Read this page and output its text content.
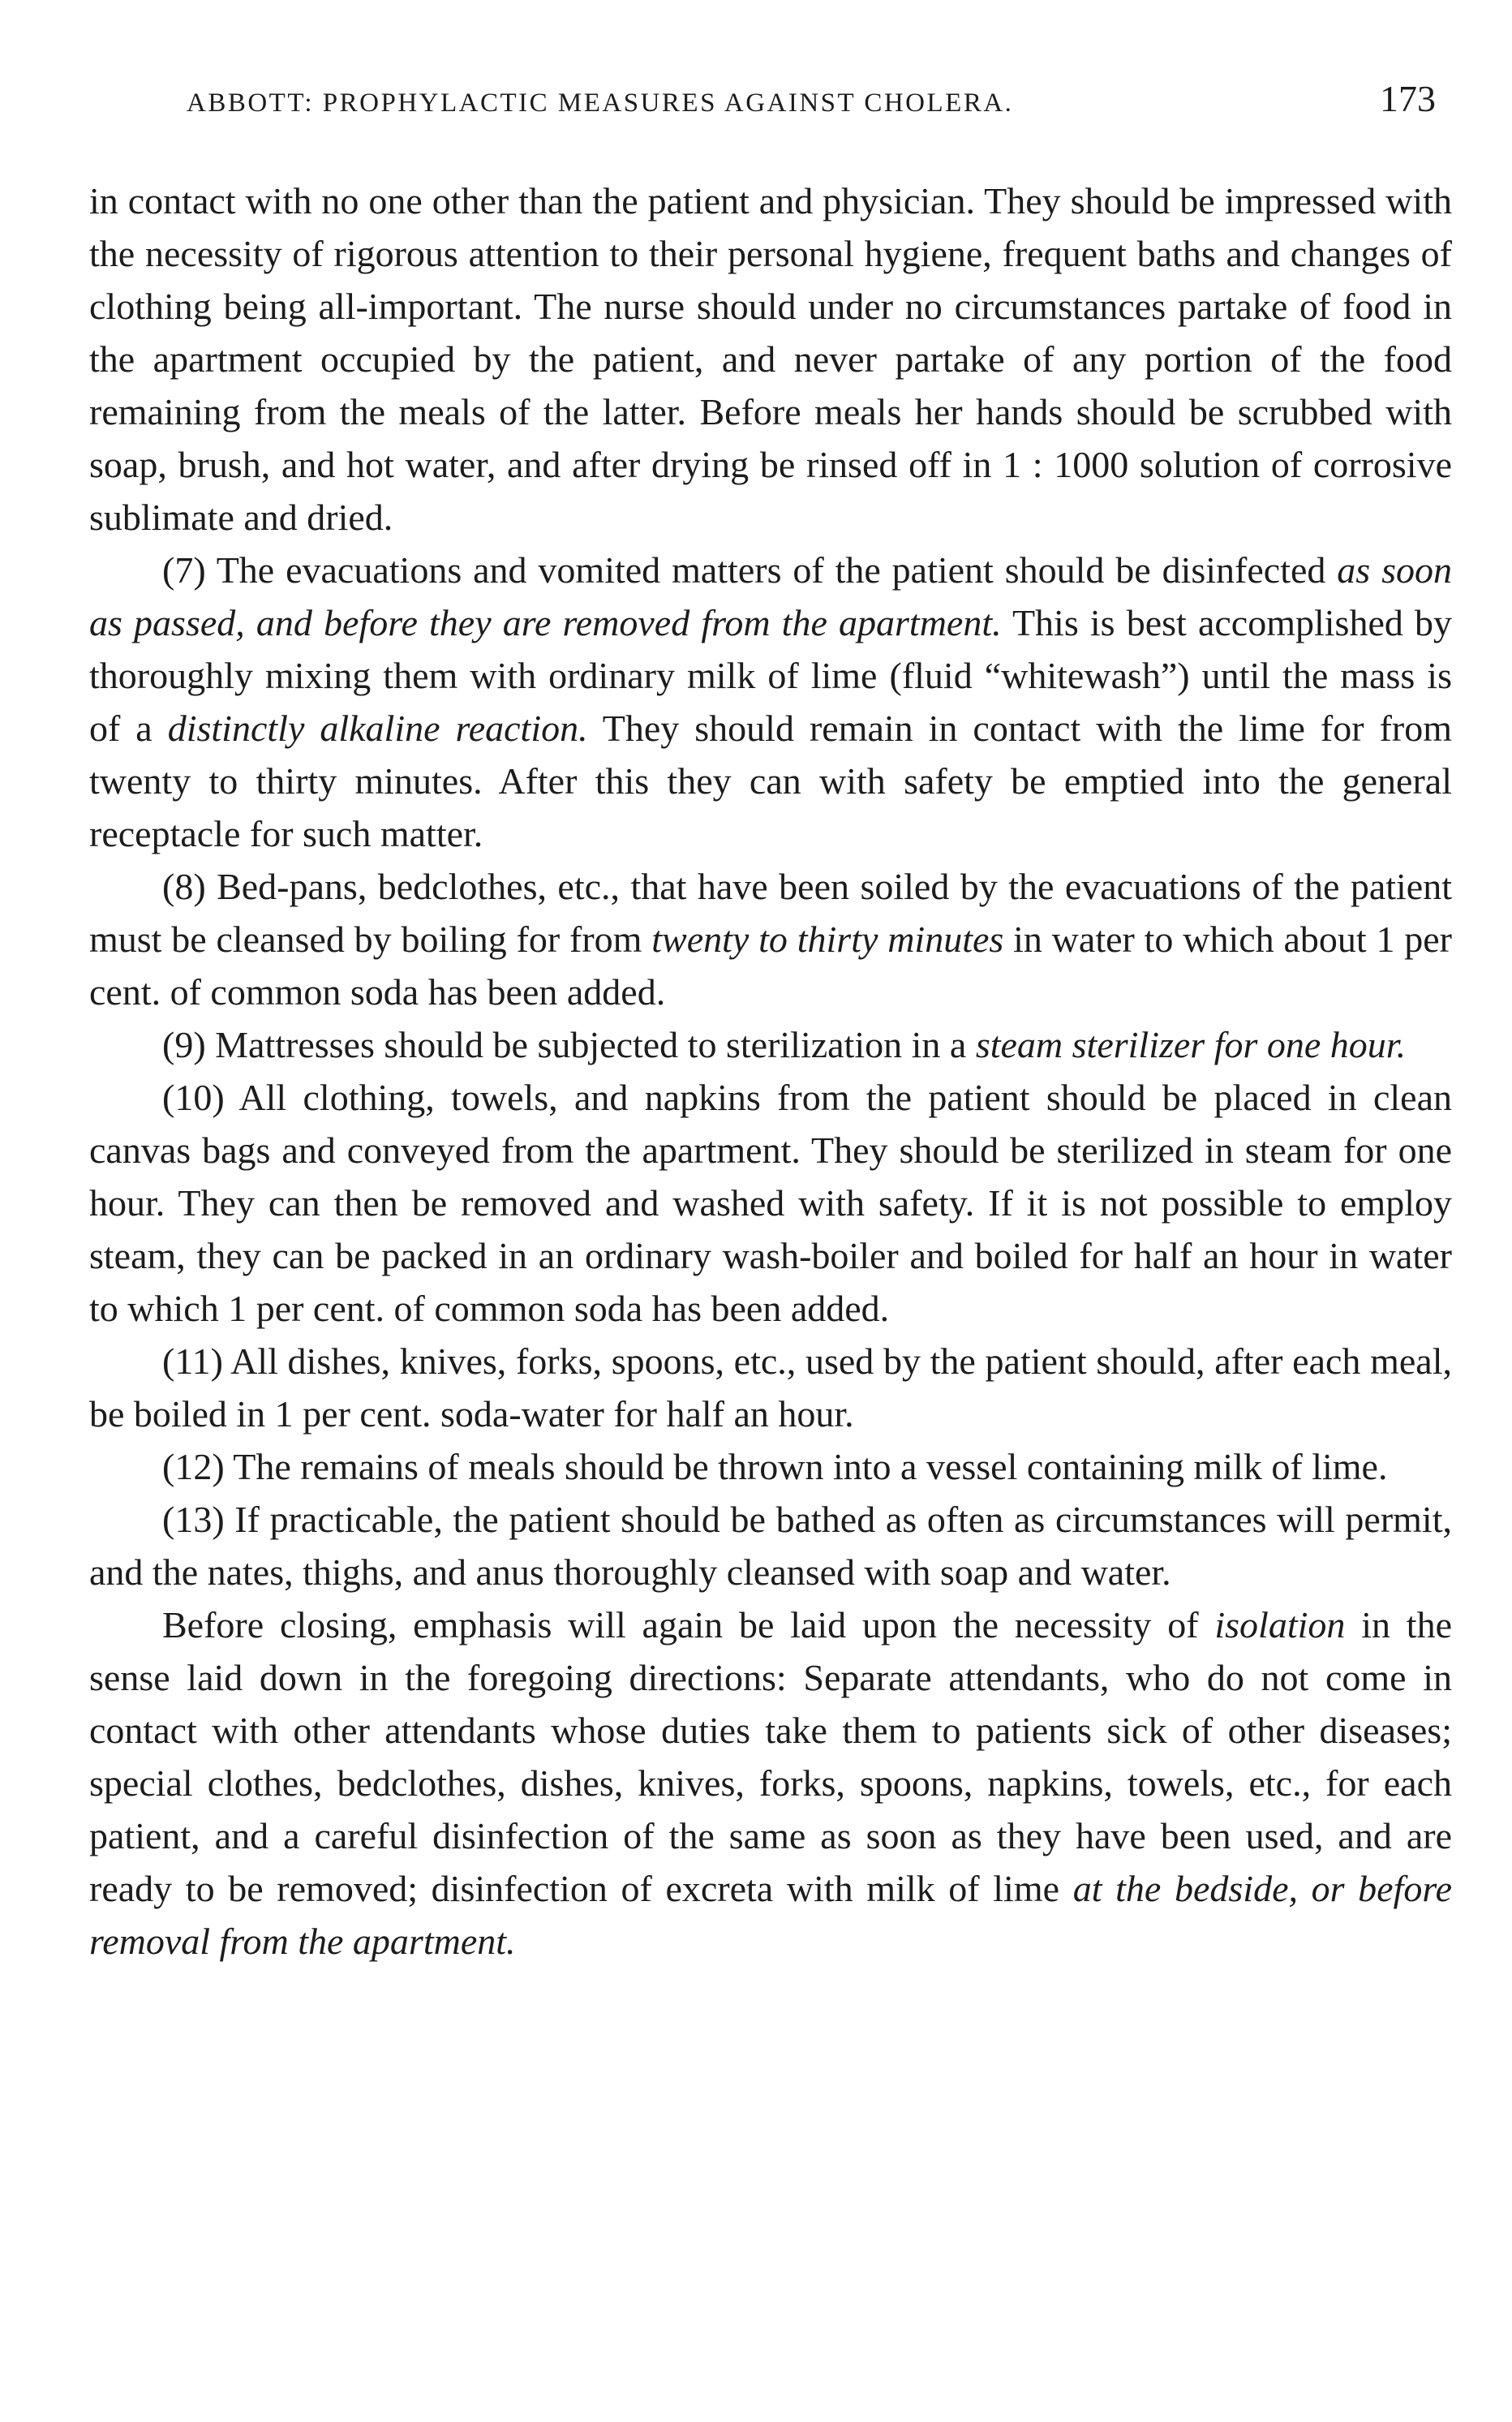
ABBOTT: PROPHYLACTIC MEASURES AGAINST CHOLERA.	173

in contact with no one other than the patient and physician. They should be impressed with the necessity of rigorous attention to their personal hygiene, frequent baths and changes of clothing being all-important. The nurse should under no circumstances partake of food in the apartment occupied by the patient, and never partake of any portion of the food remaining from the meals of the latter. Before meals her hands should be scrubbed with soap, brush, and hot water, and after drying be rinsed off in 1 : 1000 solution of corrosive sublimate and dried.

(7) The evacuations and vomited matters of the patient should be disinfected as soon as passed, and before they are removed from the apartment. This is best accomplished by thoroughly mixing them with ordinary milk of lime (fluid “whitewash”) until the mass is of a distinctly alkaline reaction. They should remain in contact with the lime for from twenty to thirty minutes. After this they can with safety be emptied into the general receptacle for such matter.

(8) Bed-pans, bedclothes, etc., that have been soiled by the evacuations of the patient must be cleansed by boiling for from twenty to thirty minutes in water to which about 1 per cent. of common soda has been added.

(9) Mattresses should be subjected to sterilization in a steam sterilizer for one hour.

(10) All clothing, towels, and napkins from the patient should be placed in clean canvas bags and conveyed from the apartment. They should be sterilized in steam for one hour. They can then be removed and washed with safety. If it is not possible to employ steam, they can be packed in an ordinary wash-boiler and boiled for half an hour in water to which 1 per cent. of common soda has been added.

(11) All dishes, knives, forks, spoons, etc., used by the patient should, after each meal, be boiled in 1 per cent. soda-water for half an hour.

(12) The remains of meals should be thrown into a vessel containing milk of lime.

(13) If practicable, the patient should be bathed as often as circumstances will permit, and the nates, thighs, and anus thoroughly cleansed with soap and water.

Before closing, emphasis will again be laid upon the necessity of isolation in the sense laid down in the foregoing directions: Separate attendants, who do not come in contact with other attendants whose duties take them to patients sick of other diseases; special clothes, bedclothes, dishes, knives, forks, spoons, napkins, towels, etc., for each patient, and a careful disinfection of the same as soon as they have been used, and are ready to be removed; disinfection of excreta with milk of lime at the bedside, or before removal from the apartment.
